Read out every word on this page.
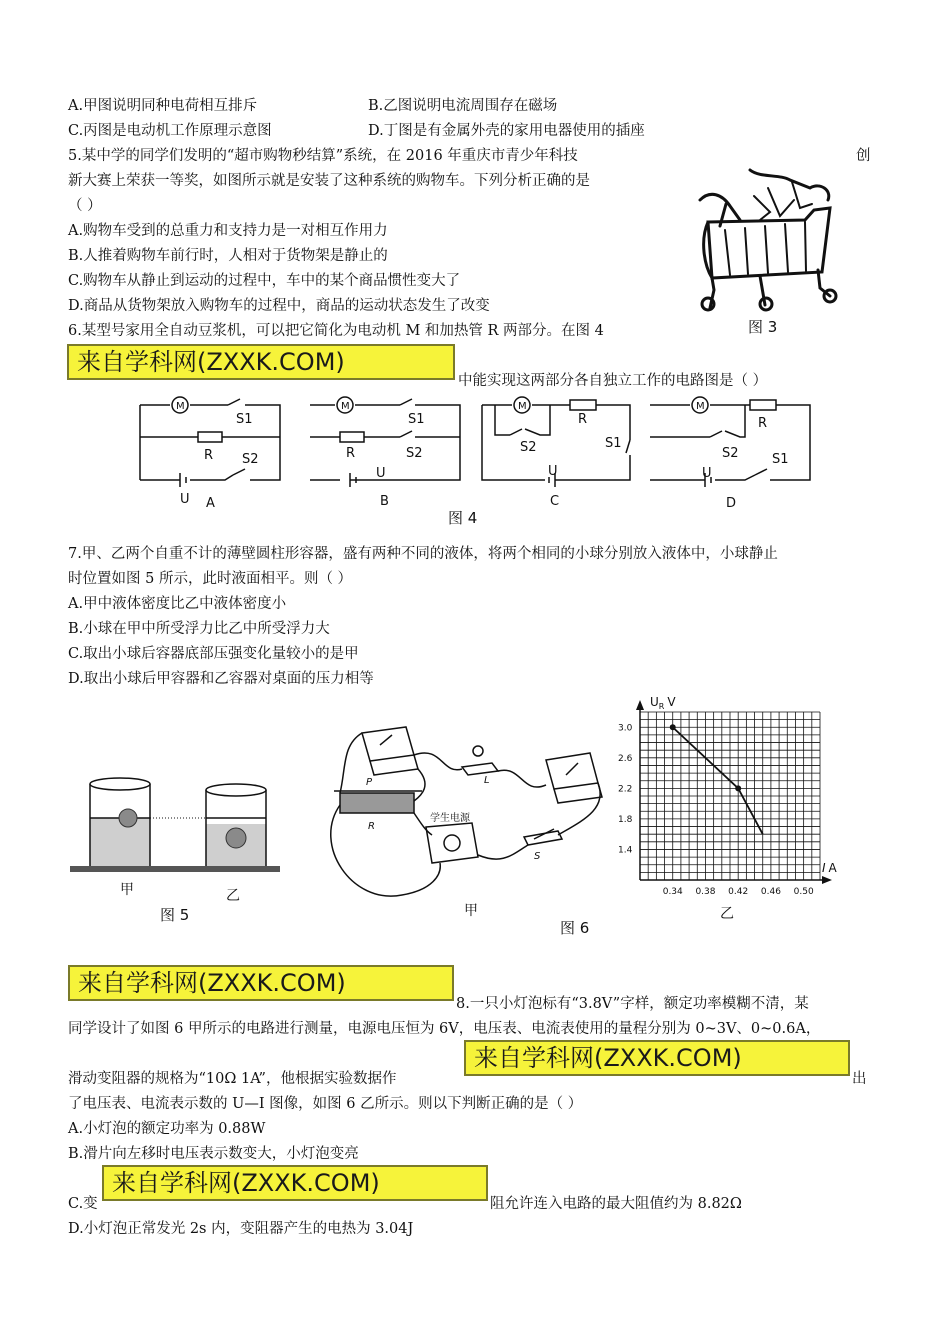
A.甲图说明同种电荷相互排斥	B.乙图说明电流周围存在磁场
C.丙图是电动机工作原理示意图	D.丁图是有金属外壳的家用电器使用的插座
5.某中学的同学们发明的“超市购物秒结算”系统，在 2016 年重庆市青少年科技	创
新大赛上荣获一等奖，如图所示就是安装了这种系统的购物车。下列分析正确的是
（ ）
A.购物车受到的总重力和支持力是一对相互作用力
B.人推着购物车前行时，人相对于货物架是静止的
C.购物车从静止到运动的过程中，车中的某个商品惯性变大了
D.商品从货物架放入购物车的过程中，商品的运动状态发生了改变
图 3
6.某型号家用全自动豆浆机，可以把它简化为电动机 M 和加热管 R 两部分。在图 4
来自学科网(ZXXK.COM)
中能实现这两部分各自独立工作的电路图是（ ）
M
S1
S2
R
U A
M
S1
S2
R
U
B
M
S1
S2
R
U
C
M
S1
S2
R
U
D
图 4
7.甲、乙两个自重不计的薄壁圆柱形容器，盛有两种不同的液体，将两个相同的小球分别放入液体中，小球静止
时位置如图 5 所示，此时液面相平。则（ ）
A.甲中液体密度比乙中液体密度小
B.小球在甲中所受浮力比乙中所受浮力大
C.取出小球后容器底部压强变化量较小的是甲
D.取出小球后甲容器和乙容器对桌面的压力相等
甲	乙
图 5
L
P
R
S
学生电源
甲
图 6
$U_R$ V
I A
0.34 0.38 0.42 0.46 0.50
1.4
1.8
2.2
2.6
3.0
乙
来自学科网(ZXXK.COM)
8.一只小灯泡标有“3.8V”字样，额定功率模糊不清，某
同学设计了如图 6 甲所示的电路进行测量，电源电压恒为 6V，电压表、电流表使用的量程分别为 0~3V、0~0.6A，
滑动变阻器的规格为“10Ω 1A”，他根据实验数据作
来自学科网(ZXXK.COM)
出
了电压表、电流表示数的 U—I 图像，如图 6 乙所示。则以下判断正确的是（ ）
A.小灯泡的额定功率为 0.88W
B.滑片向左移时电压表示数变大，小灯泡变亮
C.变
来自学科网(ZXXK.COM)
阻允许连入电路的最大阻值约为 8.82Ω
D.小灯泡正常发光 2s 内，变阻器产生的电热为 3.04J
